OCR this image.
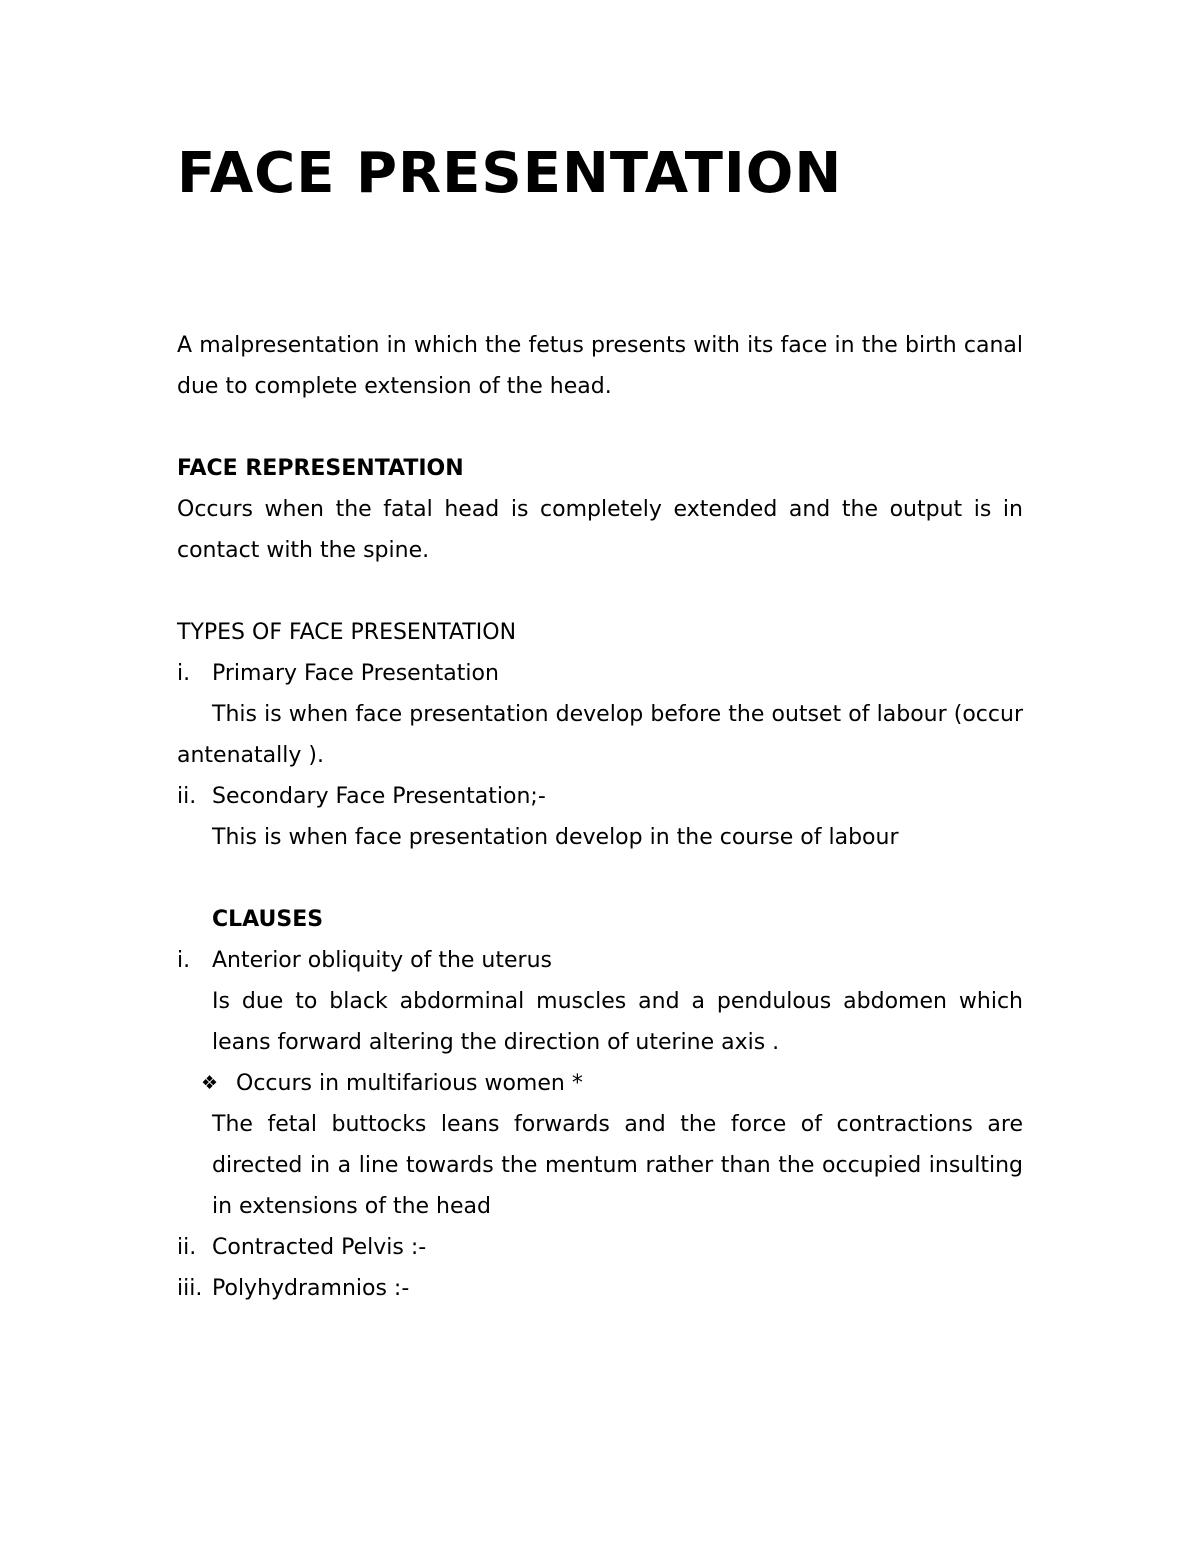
FACE PRESENTATION

A malpresentation in which the fetus presents with its face in the birth canal due to complete extension of the head.

FACE REPRESENTATION

Occurs when the fatal head is completely extended and the output is in contact with the spine.

TYPES OF FACE PRESENTATION

i. Primary Face Presentation

This is when face presentation develop before the outset of labour (occur antenatally ).

ii. Secondary Face Presentation;-

This is when face presentation develop in the course of labour

CLAUSES

i. Anterior obliquity of the uterus

Is due to black abdorminal muscles and a pendulous abdomen which leans forward altering the direction of uterine axis .

❖ Occurs in multifarious women *

The fetal buttocks leans forwards and the force of contractions are directed in a line towards the mentum rather than the occupied insulting in extensions of the head

ii. Contracted Pelvis :-
iii. Polyhydramnios :-
